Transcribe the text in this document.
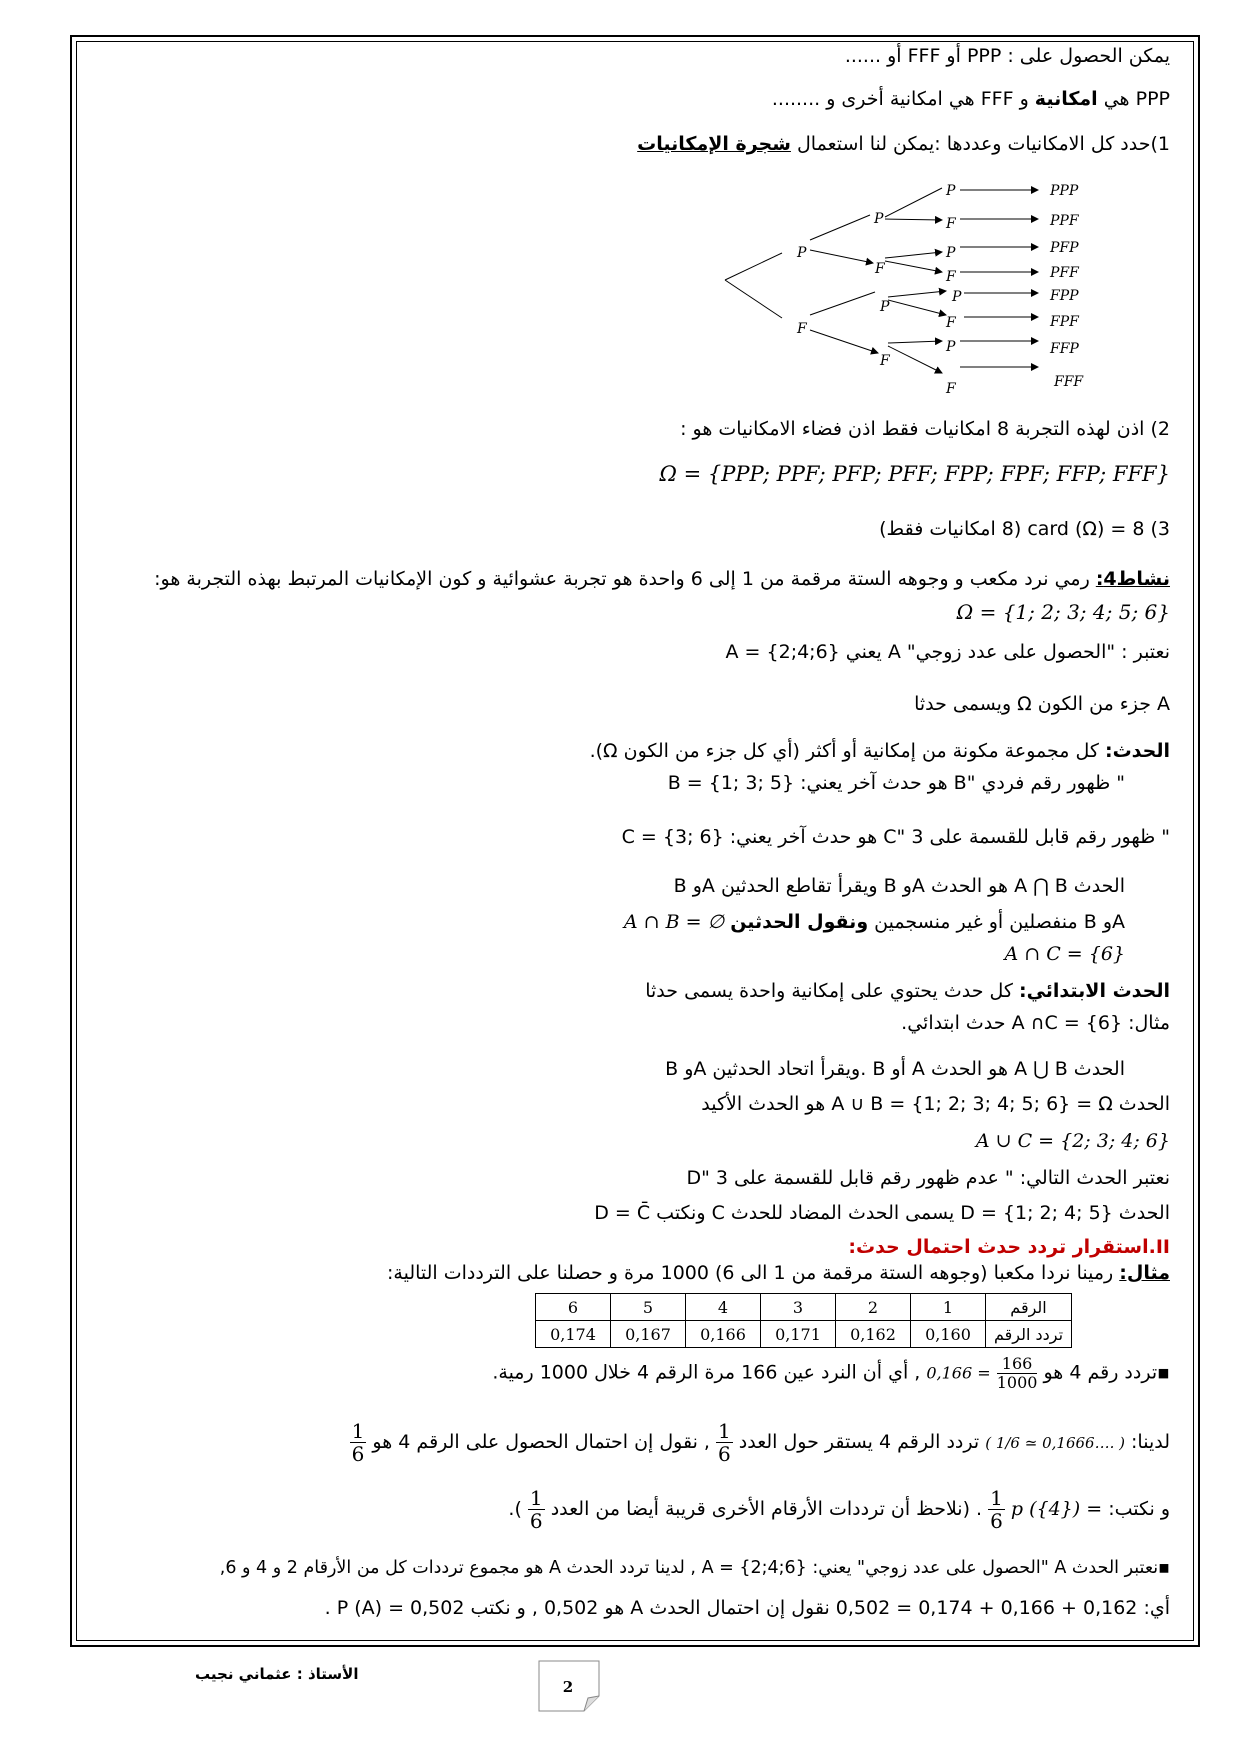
يمكن الحصول على : PPP أو FFF أو ......
PPP هي امكانية و FFF هي امكانية أخرى و ........
1)حدد كل الامكانيات وعددها :يمكن لنا استعمال شجرة الإمكانيات
P
F
P
F
P
F
P
F
P
F
P
F
P
F
PPP
PPF
PFP
PFF
FPP
FPF
FFP
FFF
2) اذن لهذه التجربة 8 امكانيات فقط اذن فضاء الامكانيات هو :
Ω = {PPP; PPF; PFP; PFF; FPP; FPF; FFP; FFF}
3) card (Ω) = 8 (8 امكانيات فقط)
نشاط4: رمي نرد مكعب و وجوهه الستة مرقمة من 1 إلى 6 واحدة هو تجربة عشوائية و كون الإمكانيات المرتبط بهذه التجربة هو:
Ω = {1; 2; 3; 4; 5; 6}
نعتبر : "الحصول على عدد زوجي" A يعني A = {2;4;6}
A جزء من الكون Ω ويسمى حدثا
الحدث: كل مجموعة مكونة من إمكانية أو أكثر (أي كل جزء من الكون Ω).
" ظهور رقم فردي "B هو حدث آخر يعني: B = {1; 3; 5}
" ظهور رقم قابل للقسمة على 3 "C هو حدث آخر يعني: C = {3; 6}
الحدث A ⋂ B هو الحدث Aو B ويقرأ تقاطع الحدثين Aو B
Aو B منفصلين أو غير منسجمين ونقول الحدثين A ∩ B = ∅
A ∩ C = {6}
الحدث الابتدائي: كل حدث يحتوي على إمكانية واحدة يسمى حدثا
مثال: A ∩C = {6} حدث ابتدائي.
الحدث A ⋃ B هو الحدث A أو B .ويقرأ اتحاد الحدثين Aو B
الحدث A ∪ B = {1; 2; 3; 4; 5; 6} = Ω هو الحدث الأكيد
A ∪ C = {2; 3; 4; 6}
نعتبر الحدث التالي: " عدم ظهور رقم قابل للقسمة على 3 "D
الحدث D = {1; 2; 4; 5} يسمى الحدث المضاد للحدث C ونكتب D = C̄
II.استقرار تردد حدث احتمال حدث:
مثال: رمينا نردا مكعبا (وجوهه الستة مرقمة من 1 الى 6) 1000 مرة و حصلنا على الترددات التالية:
الرقم	1	2	3	4	5	6
تردد الرقم	0,160	0,162	0,171	0,166	0,167	0,174
▪تردد رقم 4 هو
$\frac{166}{1000}$
0,166 = , أي أن النرد عين 166 مرة الرقم 4 خلال 1000 رمية.
لدينا: ( 1/6 ≃ 0,1666…. ) تردد الرقم 4 يستقر حول العدد
$\frac{1}{6}$
, نقول إن احتمال الحصول على الرقم 4 هو
$\frac{1}{6}$
و نكتب: p ({4}) =
$\frac{1}{6}$
. (نلاحظ أن ترددات الأرقام الأخرى قريبة أيضا من العدد
$\frac{1}{6}$
).
▪نعتبر الحدث A "الحصول على عدد زوجي" يعني: A = {2;4;6} , لدينا تردد الحدث A هو مجموع ترددات كل من الأرقام 2 و 4 و 6,
أي: 0,162 + 0,166 + 0,174 = 0,502 نقول إن احتمال الحدث A هو 0,502 , و نكتب P (A) = 0,502 .
الأستاذ : عثماني نجيب
2
